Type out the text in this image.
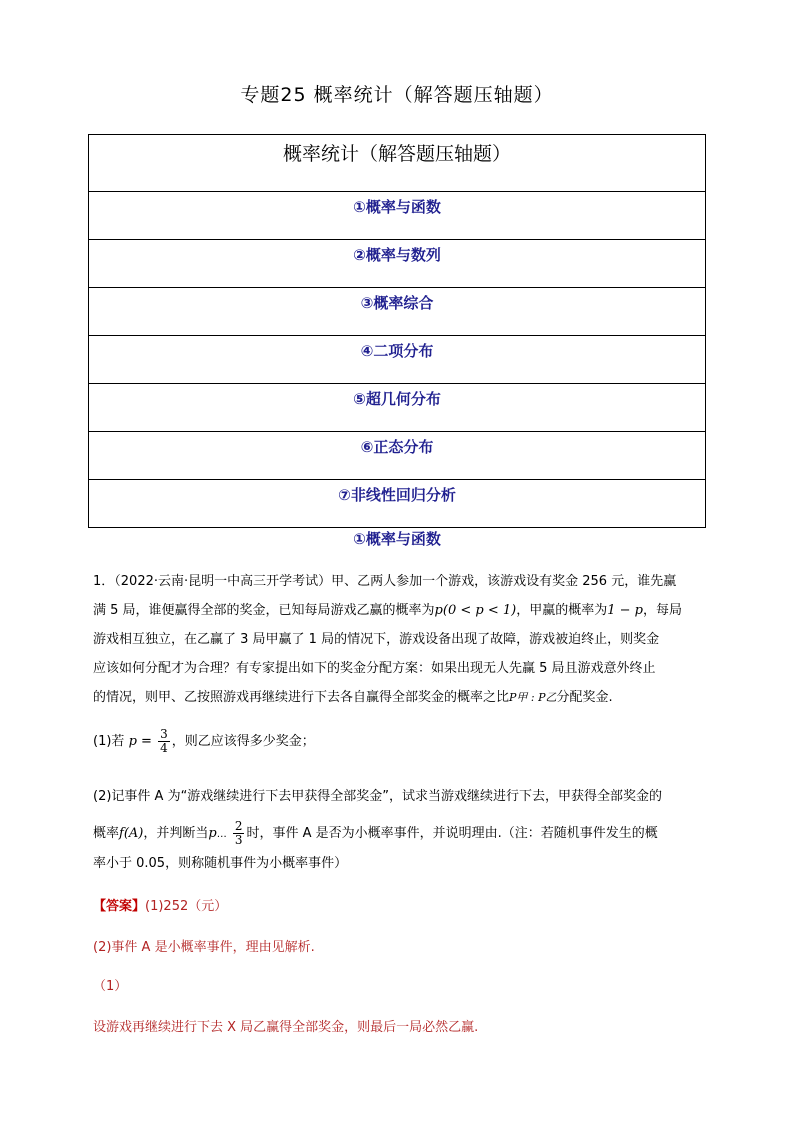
专题25 概率统计（解答题压轴题）
概率统计（解答题压轴题）
①概率与函数
②概率与数列
③概率综合
④二项分布
⑤超几何分布
⑥正态分布
⑦非线性回归分析
①概率与函数
1．（2022·云南·昆明一中高三开学考试）甲、乙两人参加一个游戏，该游戏设有奖金 256 元，谁先赢
满 5 局，谁便赢得全部的奖金，已知每局游戏乙赢的概率为p(0 < p < 1)，甲赢的概率为1 − p，每局
游戏相互独立，在乙赢了 3 局甲赢了 1 局的情况下，游戏设备出现了故障，游戏被迫终止，则奖金
应该如何分配才为合理？有专家提出如下的奖金分配方案：如果出现无人先赢 5 局且游戏意外终止
的情况，则甲、乙按照游戏再继续进行下去各自赢得全部奖金的概率之比P甲 : P乙分配奖金.
(1)若 $p = \frac{3}{4}$ ，则乙应该得多少奖金；
(2)记事件 A 为“游戏继续进行下去甲获得全部奖金”，试求当游戏继续进行下去，甲获得全部奖金的
概率f(A)，并判断当p… $\frac{2}{3}$ 时，事件 A 是否为小概率事件，并说明理由.（注：若随机事件发生的概
率小于 0.05，则称随机事件为小概率事件）
【答案】(1)252（元）
(2)事件 A 是小概率事件，理由见解析.
（1）
设游戏再继续进行下去 X 局乙赢得全部奖金，则最后一局必然乙赢.
